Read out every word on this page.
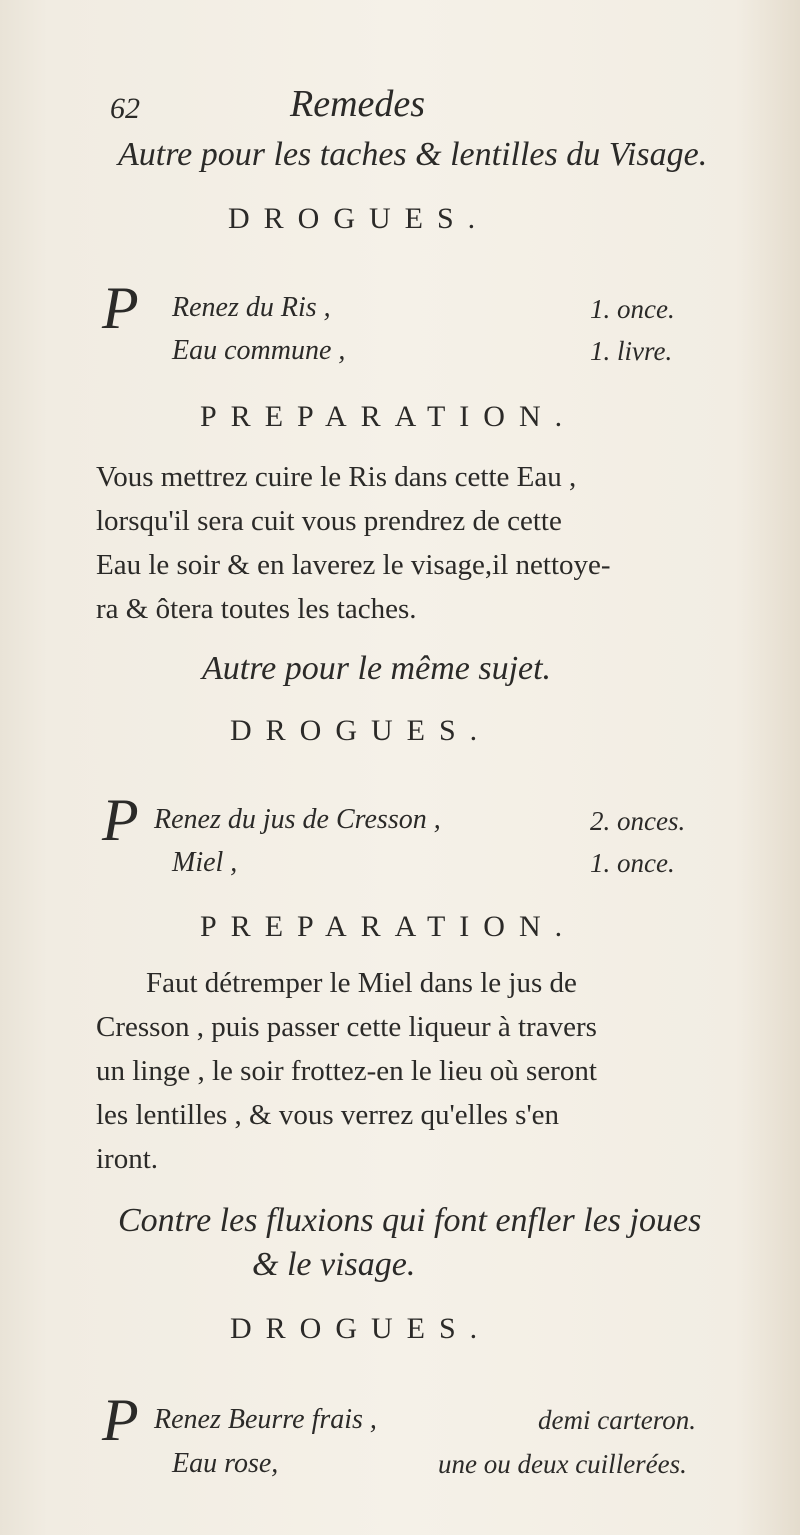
62	Remedes
Autre pour les taches & lentilles du Visage.
DROGUES.
P Renez du Ris ,	1. once.
Eau commune ,	1. livre.
PREPARATION.
Vous mettrez cuire le Ris dans cette Eau ,
lorsqu'il sera cuit vous prendrez de cette
Eau le soir & en laverez le visage,il nettoye-
ra & ôtera toutes les taches.
Autre pour le même sujet.
DROGUES.
P Renez du jus de Cresson ,	2. onces.
Miel ,	1. once.
PREPARATION.
Faut détremper le Miel dans le jus de
Cresson , puis passer cette liqueur à travers
un linge , le soir frottez-en le lieu où seront
les lentilles , & vous verrez qu'elles s'en
iront.
Contre les fluxions qui font enfler les joues
& le visage.
DROGUES.
P Renez Beurre frais ,	demi carteron.
Eau rose,	une ou deux cuillerées.
